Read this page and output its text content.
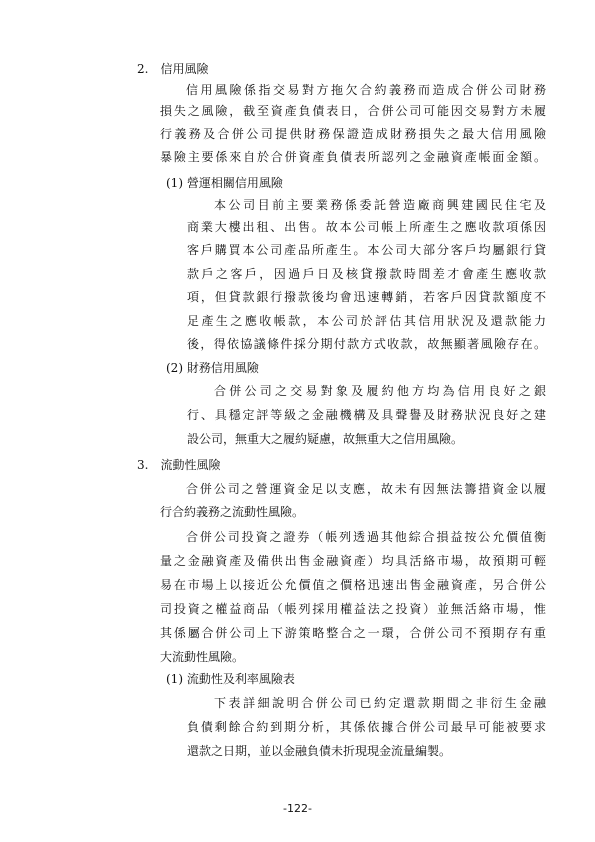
2.　信用風險

信用風險係指交易對方拖欠合約義務而造成合併公司財務

損失之風險，截至資產負債表日，合併公司可能因交易對方未履

行義務及合併公司提供財務保證造成財務損失之最大信用風險

暴險主要係來自於合併資產負債表所認列之金融資產帳面金額。

(1) 營運相關信用風險

本公司目前主要業務係委託營造廠商興建國民住宅及

商業大樓出租、出售。故本公司帳上所產生之應收款項係因

客戶購買本公司產品所產生。本公司大部分客戶均屬銀行貸

款戶之客戶，因過戶日及核貸撥款時間差才會產生應收款

項，但貸款銀行撥款後均會迅速轉銷，若客戶因貸款額度不

足產生之應收帳款，本公司於評估其信用狀況及還款能力

後，得依協議條件採分期付款方式收款，故無顯著風險存在。

(2) 財務信用風險

合併公司之交易對象及履約他方均為信用良好之銀

行、具穩定評等級之金融機構及具聲譽及財務狀況良好之建

設公司，無重大之履約疑慮，故無重大之信用風險。

3.　流動性風險

合併公司之營運資金足以支應，故未有因無法籌措資金以履

行合約義務之流動性風險。

合併公司投資之證券（帳列透過其他綜合損益按公允價值衡

量之金融資產及備供出售金融資產）均具活絡市場，故預期可輕

易在市場上以接近公允價值之價格迅速出售金融資產，另合併公

司投資之權益商品（帳列採用權益法之投資）並無活絡市場，惟

其係屬合併公司上下游策略整合之一環，合併公司不預期存有重

大流動性風險。

(1) 流動性及利率風險表

下表詳細說明合併公司已約定還款期間之非衍生金融

負債剩餘合約到期分析，其係依據合併公司最早可能被要求

還款之日期，並以金融負債未折現現金流量編製。

-122-
